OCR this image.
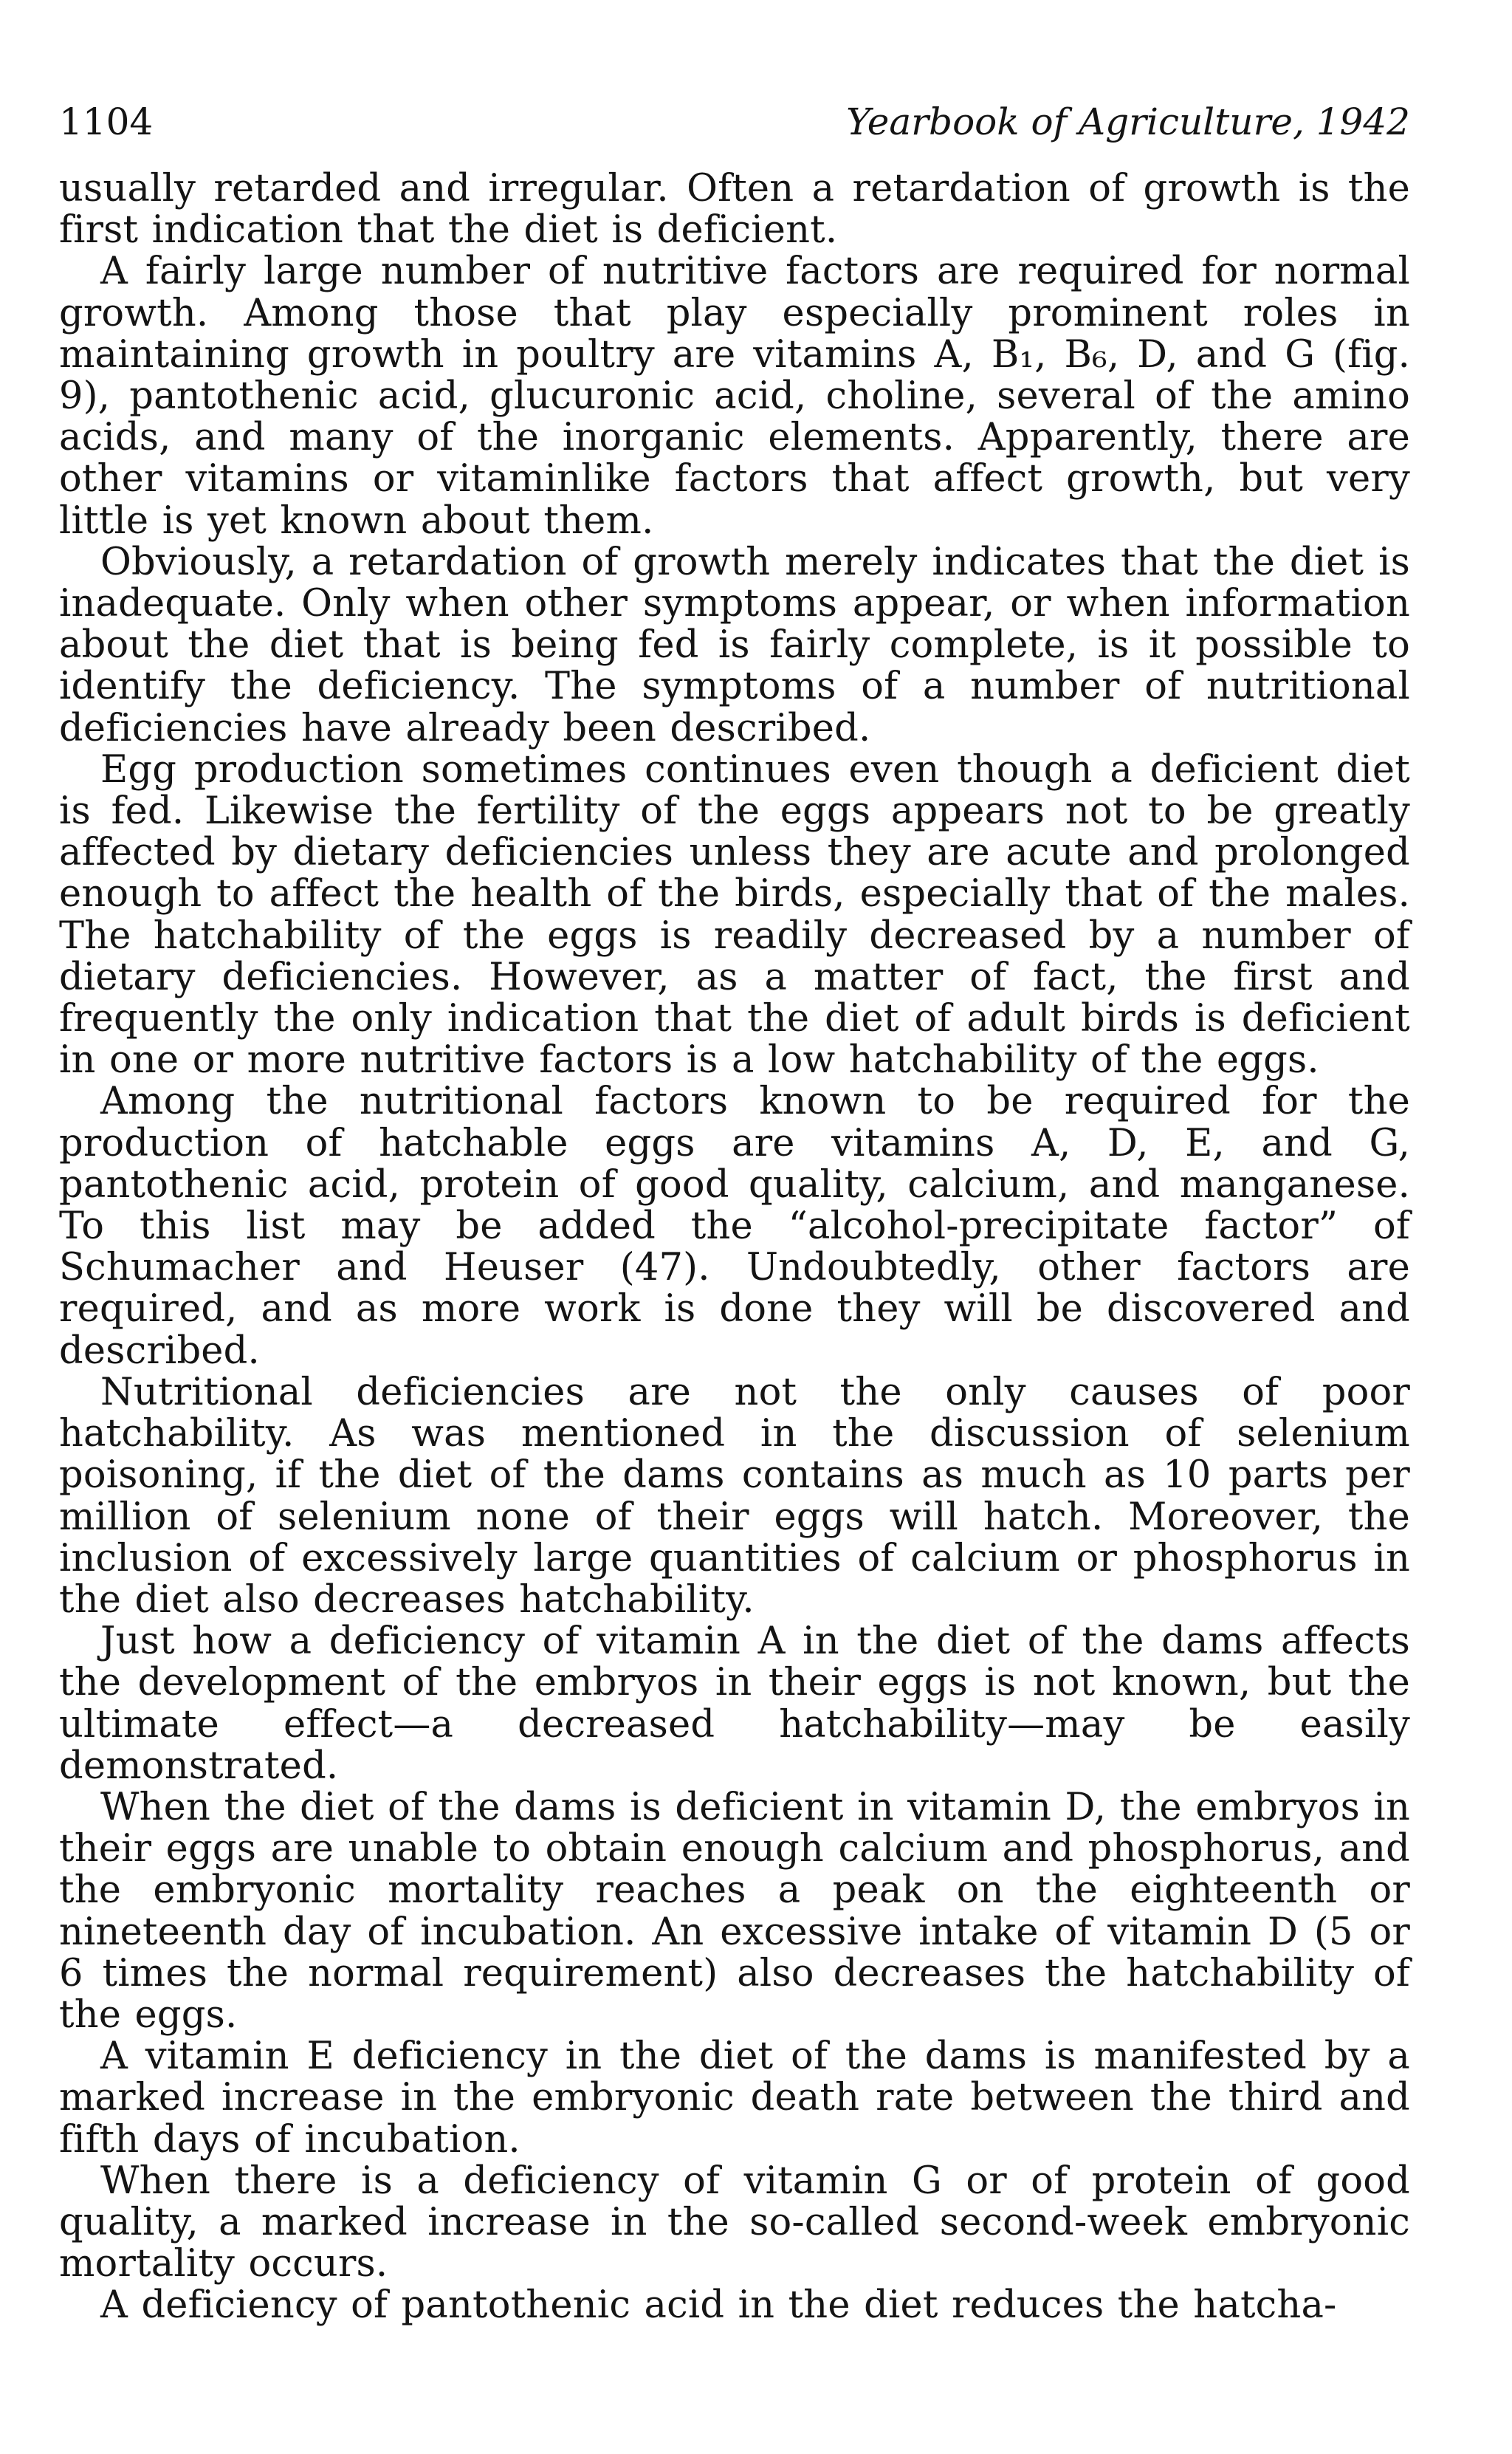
1104	Yearbook of Agriculture, 1942

usually retarded and irregular. Often a retardation of growth is the first indication that the diet is deficient.

A fairly large number of nutritive factors are required for normal growth. Among those that play especially prominent roles in maintaining growth in poultry are vitamins A, B₁, B₆, D, and G (fig. 9), pantothenic acid, glucuronic acid, choline, several of the amino acids, and many of the inorganic elements. Apparently, there are other vitamins or vitaminlike factors that affect growth, but very little is yet known about them.

Obviously, a retardation of growth merely indicates that the diet is inadequate. Only when other symptoms appear, or when information about the diet that is being fed is fairly complete, is it possible to identify the deficiency. The symptoms of a number of nutritional deficiencies have already been described.

Egg production sometimes continues even though a deficient diet is fed. Likewise the fertility of the eggs appears not to be greatly affected by dietary deficiencies unless they are acute and prolonged enough to affect the health of the birds, especially that of the males. The hatchability of the eggs is readily decreased by a number of dietary deficiencies. However, as a matter of fact, the first and frequently the only indication that the diet of adult birds is deficient in one or more nutritive factors is a low hatchability of the eggs.

Among the nutritional factors known to be required for the production of hatchable eggs are vitamins A, D, E, and G, pantothenic acid, protein of good quality, calcium, and manganese. To this list may be added the “alcohol-precipitate factor” of Schumacher and Heuser (47). Undoubtedly, other factors are required, and as more work is done they will be discovered and described.

Nutritional deficiencies are not the only causes of poor hatchability. As was mentioned in the discussion of selenium poisoning, if the diet of the dams contains as much as 10 parts per million of selenium none of their eggs will hatch. Moreover, the inclusion of excessively large quantities of calcium or phosphorus in the diet also decreases hatchability.

Just how a deficiency of vitamin A in the diet of the dams affects the development of the embryos in their eggs is not known, but the ultimate effect—a decreased hatchability—may be easily demonstrated.

When the diet of the dams is deficient in vitamin D, the embryos in their eggs are unable to obtain enough calcium and phosphorus, and the embryonic mortality reaches a peak on the eighteenth or nineteenth day of incubation. An excessive intake of vitamin D (5 or 6 times the normal requirement) also decreases the hatchability of the eggs.

A vitamin E deficiency in the diet of the dams is manifested by a marked increase in the embryonic death rate between the third and fifth days of incubation.

When there is a deficiency of vitamin G or of protein of good quality, a marked increase in the so-called second-week embryonic mortality occurs.

A deficiency of pantothenic acid in the diet reduces the hatcha-
